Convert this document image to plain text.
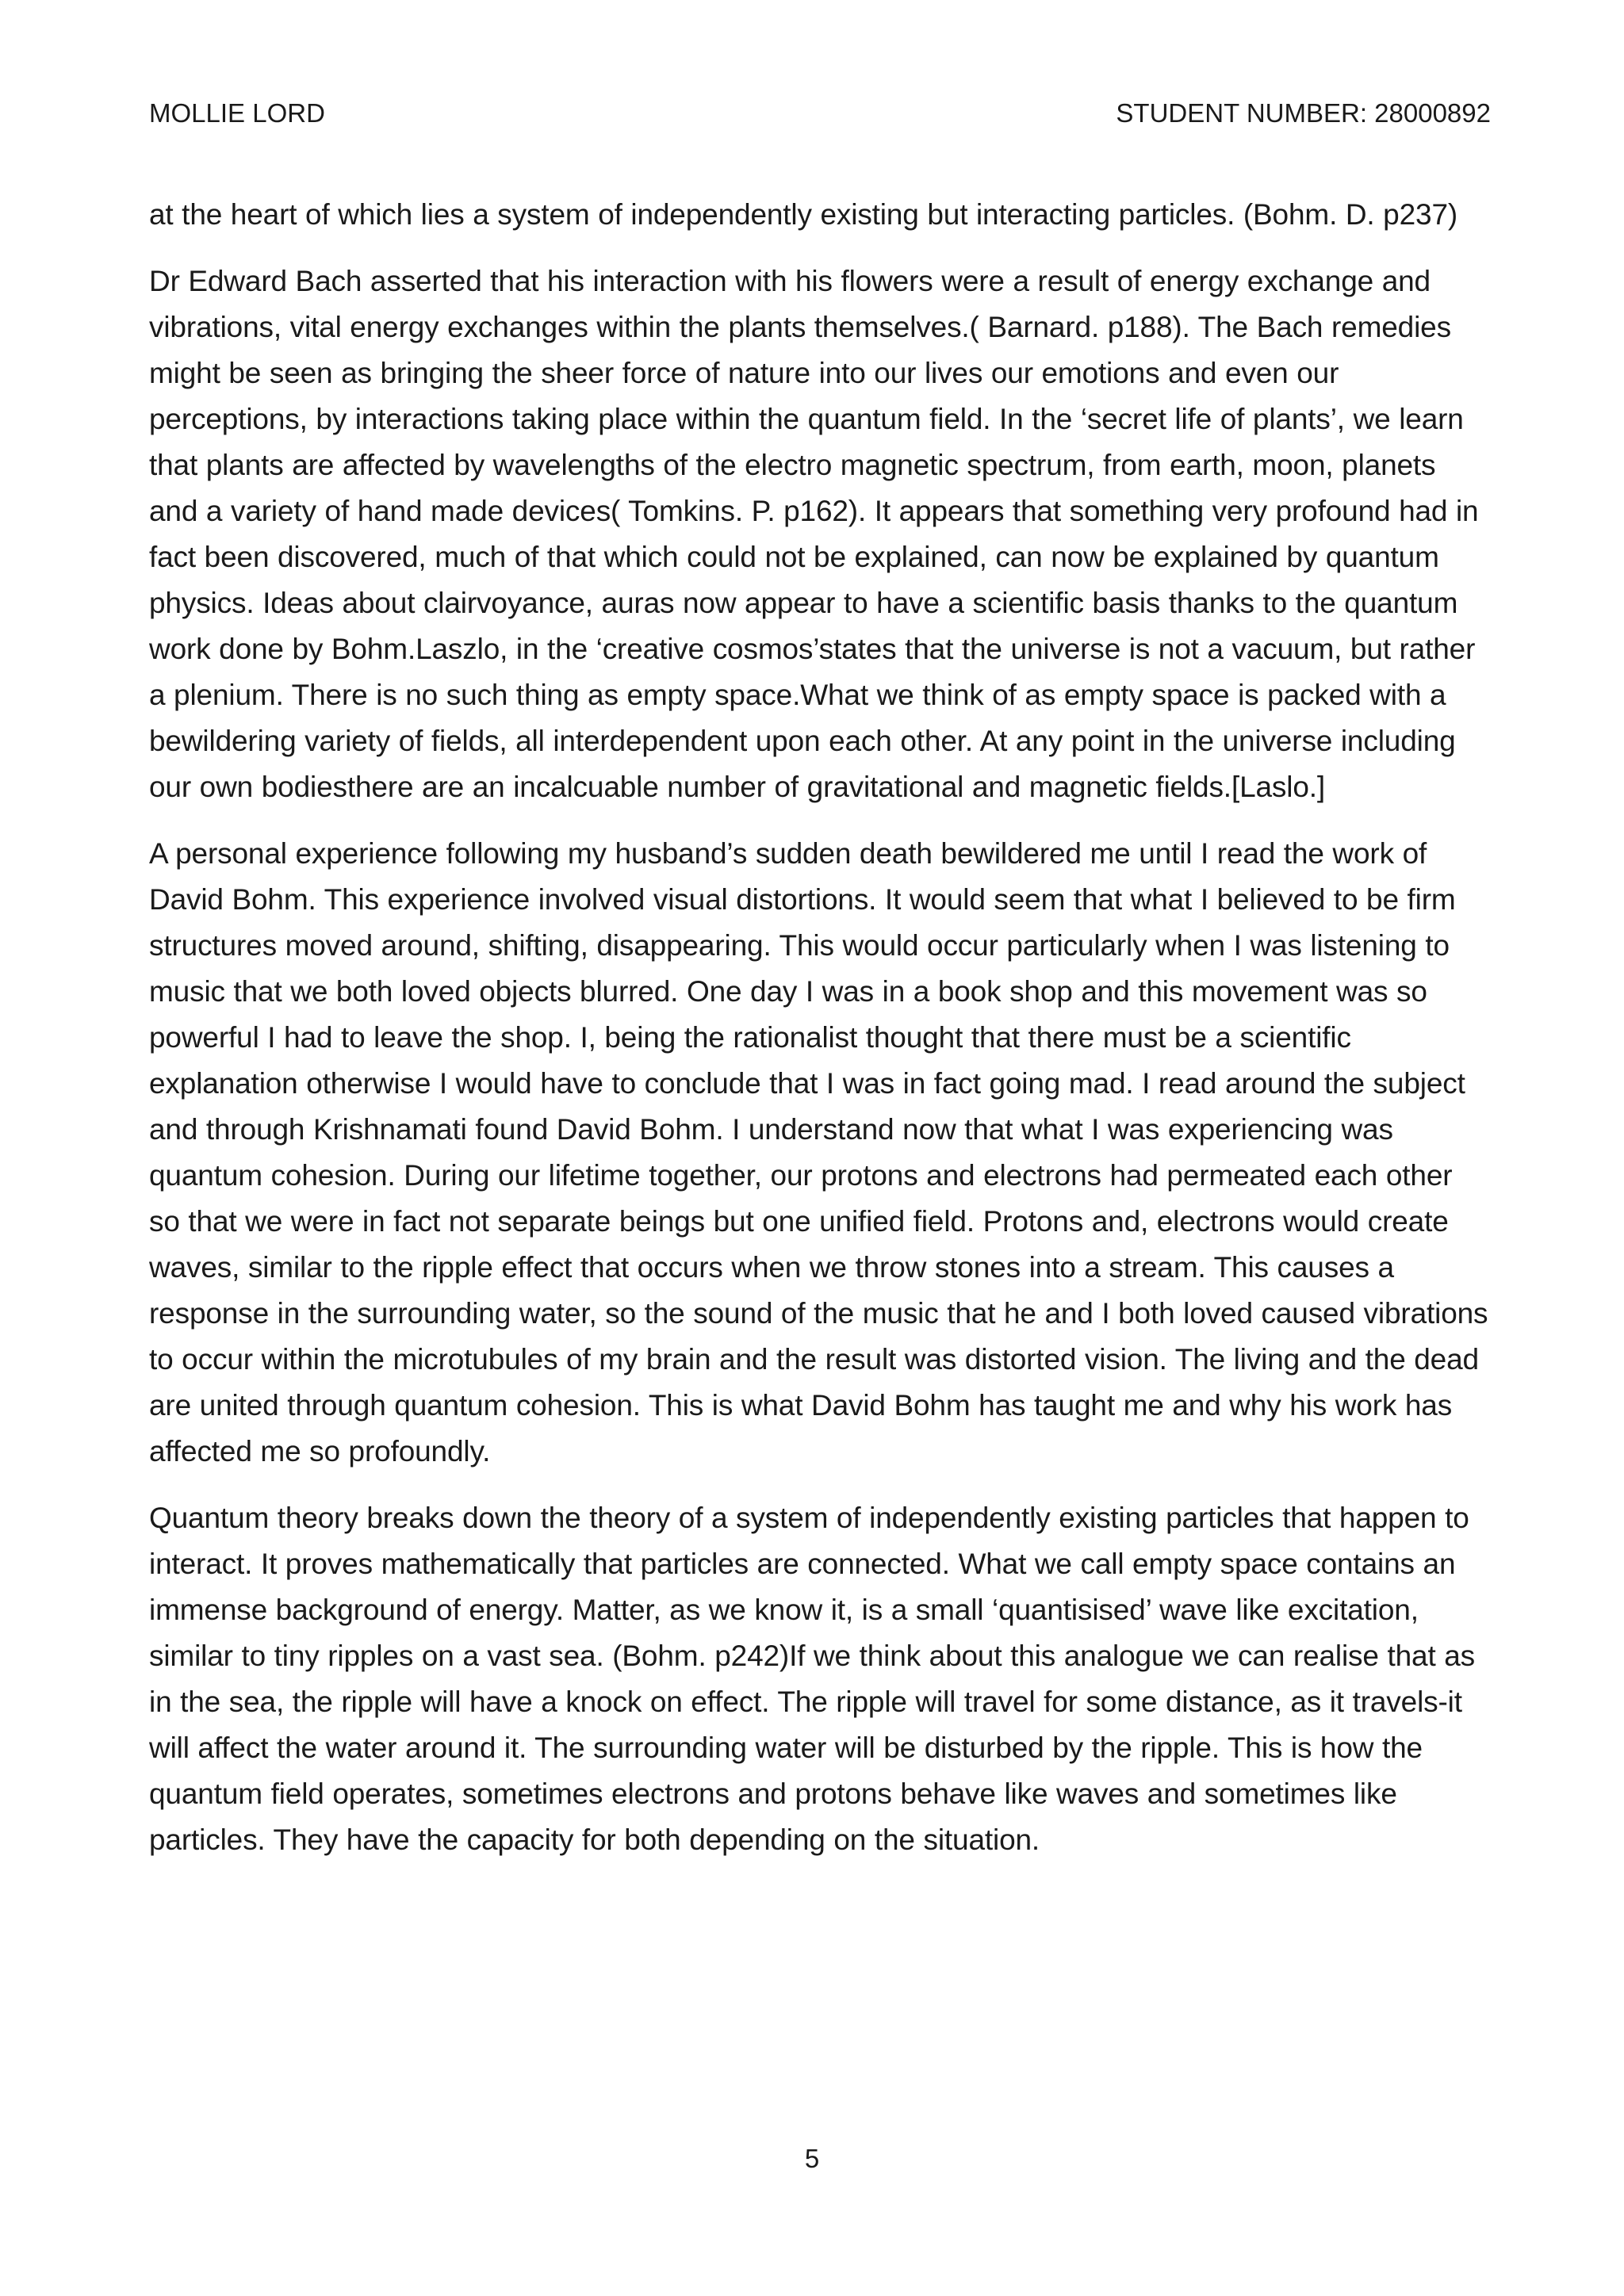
MOLLIE LORD	STUDENT NUMBER: 28000892

at the heart of which lies a system of independently existing but interacting particles. (Bohm. D. p237)

Dr Edward Bach asserted that his interaction with his flowers were a result of energy exchange and vibrations, vital energy exchanges within the plants themselves.( Barnard. p188). The Bach remedies might be seen as bringing the sheer force of nature into our lives our emotions and even our perceptions, by interactions taking place within the quantum field. In the ‘secret life of plants’, we learn that plants are affected by wavelengths of the electro magnetic spectrum, from earth, moon, planets and a variety of hand made devices( Tomkins. P. p162). It appears that something very profound had in fact been discovered, much of that which could not be explained, can now be explained by quantum physics. Ideas about clairvoyance, auras now appear to have a scientific basis thanks to the quantum work done by Bohm.Laszlo, in the ‘creative cosmos’states that the universe is not a vacuum, but rather a plenium. There is no such thing as empty space.What we think of as empty space is packed with a bewildering variety of fields, all interdependent upon each other. At any point in the universe including our own bodiesthere are an incalcuable number of gravitational and magnetic fields.[Laslo.]

A personal experience following my husband’s sudden death bewildered me until I read the work of David Bohm. This experience involved visual distortions. It would seem that what I believed to be firm structures moved around, shifting, disappearing. This would occur particularly when I was listening to music that we both loved objects blurred. One day I was in a book shop and this movement was so powerful I had to leave the shop. I, being the rationalist thought that there must be a scientific explanation otherwise I would have to conclude that I was in fact going mad. I read around the subject and through Krishnamati found David Bohm. I understand now that what I was experiencing was quantum cohesion. During our lifetime together, our protons and electrons had permeated each other so that we were in fact not separate beings but one unified field. Protons and, electrons would create waves, similar to the ripple effect that occurs when we throw stones into a stream. This causes a response in the surrounding water, so the sound of the music that he and I both loved caused vibrations to occur within the microtubules of my brain and the result was distorted vision. The living and the dead are united through quantum cohesion. This is what David Bohm has taught me and why his work has affected me so profoundly.

Quantum theory breaks down the theory of a system of independently existing particles that happen to interact. It proves mathematically that particles are connected. What we call empty space contains an immense background of energy. Matter, as we know it, is a small ‘quantisised’ wave like excitation, similar to tiny ripples on a vast sea. (Bohm. p242)If we think about this analogue we can realise that as in the sea, the ripple will have a knock on effect. The ripple will travel for some distance, as it travels-it will affect the water around it. The surrounding water will be disturbed by the ripple. This is how the quantum field operates, sometimes electrons and protons behave like waves and sometimes like particles. They have the capacity for both depending on the situation.

5
